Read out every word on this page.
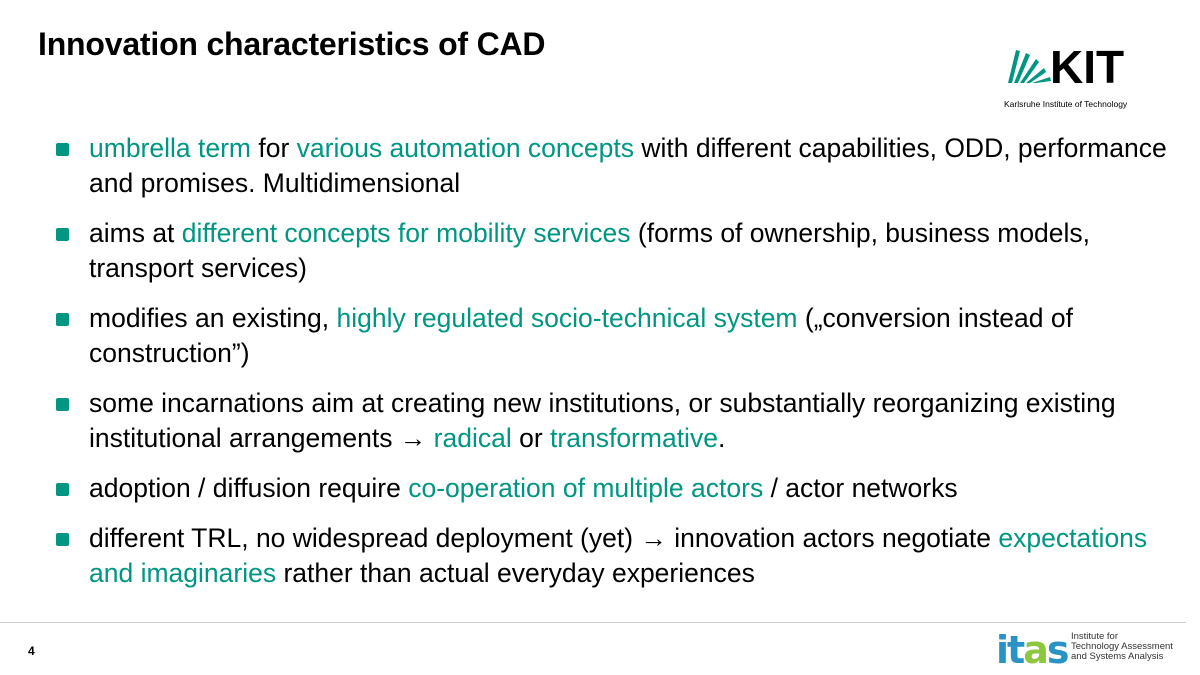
Innovation characteristics of CAD	KIT
Karlsruhe Institute of Technology
umbrella term for various automation concepts with different capabilities, ODD, performance and promises. Multidimensional
aims at different concepts for mobility services (forms of ownership, business models, transport services)
modifies an existing, highly regulated socio-technical system („conversion instead of construction”)
some incarnations aim at creating new institutions, or substantially reorganizing existing institutional arrangements → radical or transformative.
adoption / diffusion require co-operation of multiple actors / actor networks
different TRL, no widespread deployment (yet) → innovation actors negotiate expectations and imaginaries rather than actual everyday experiences
4	itas Institute for
Technology Assessment
and Systems Analysis
